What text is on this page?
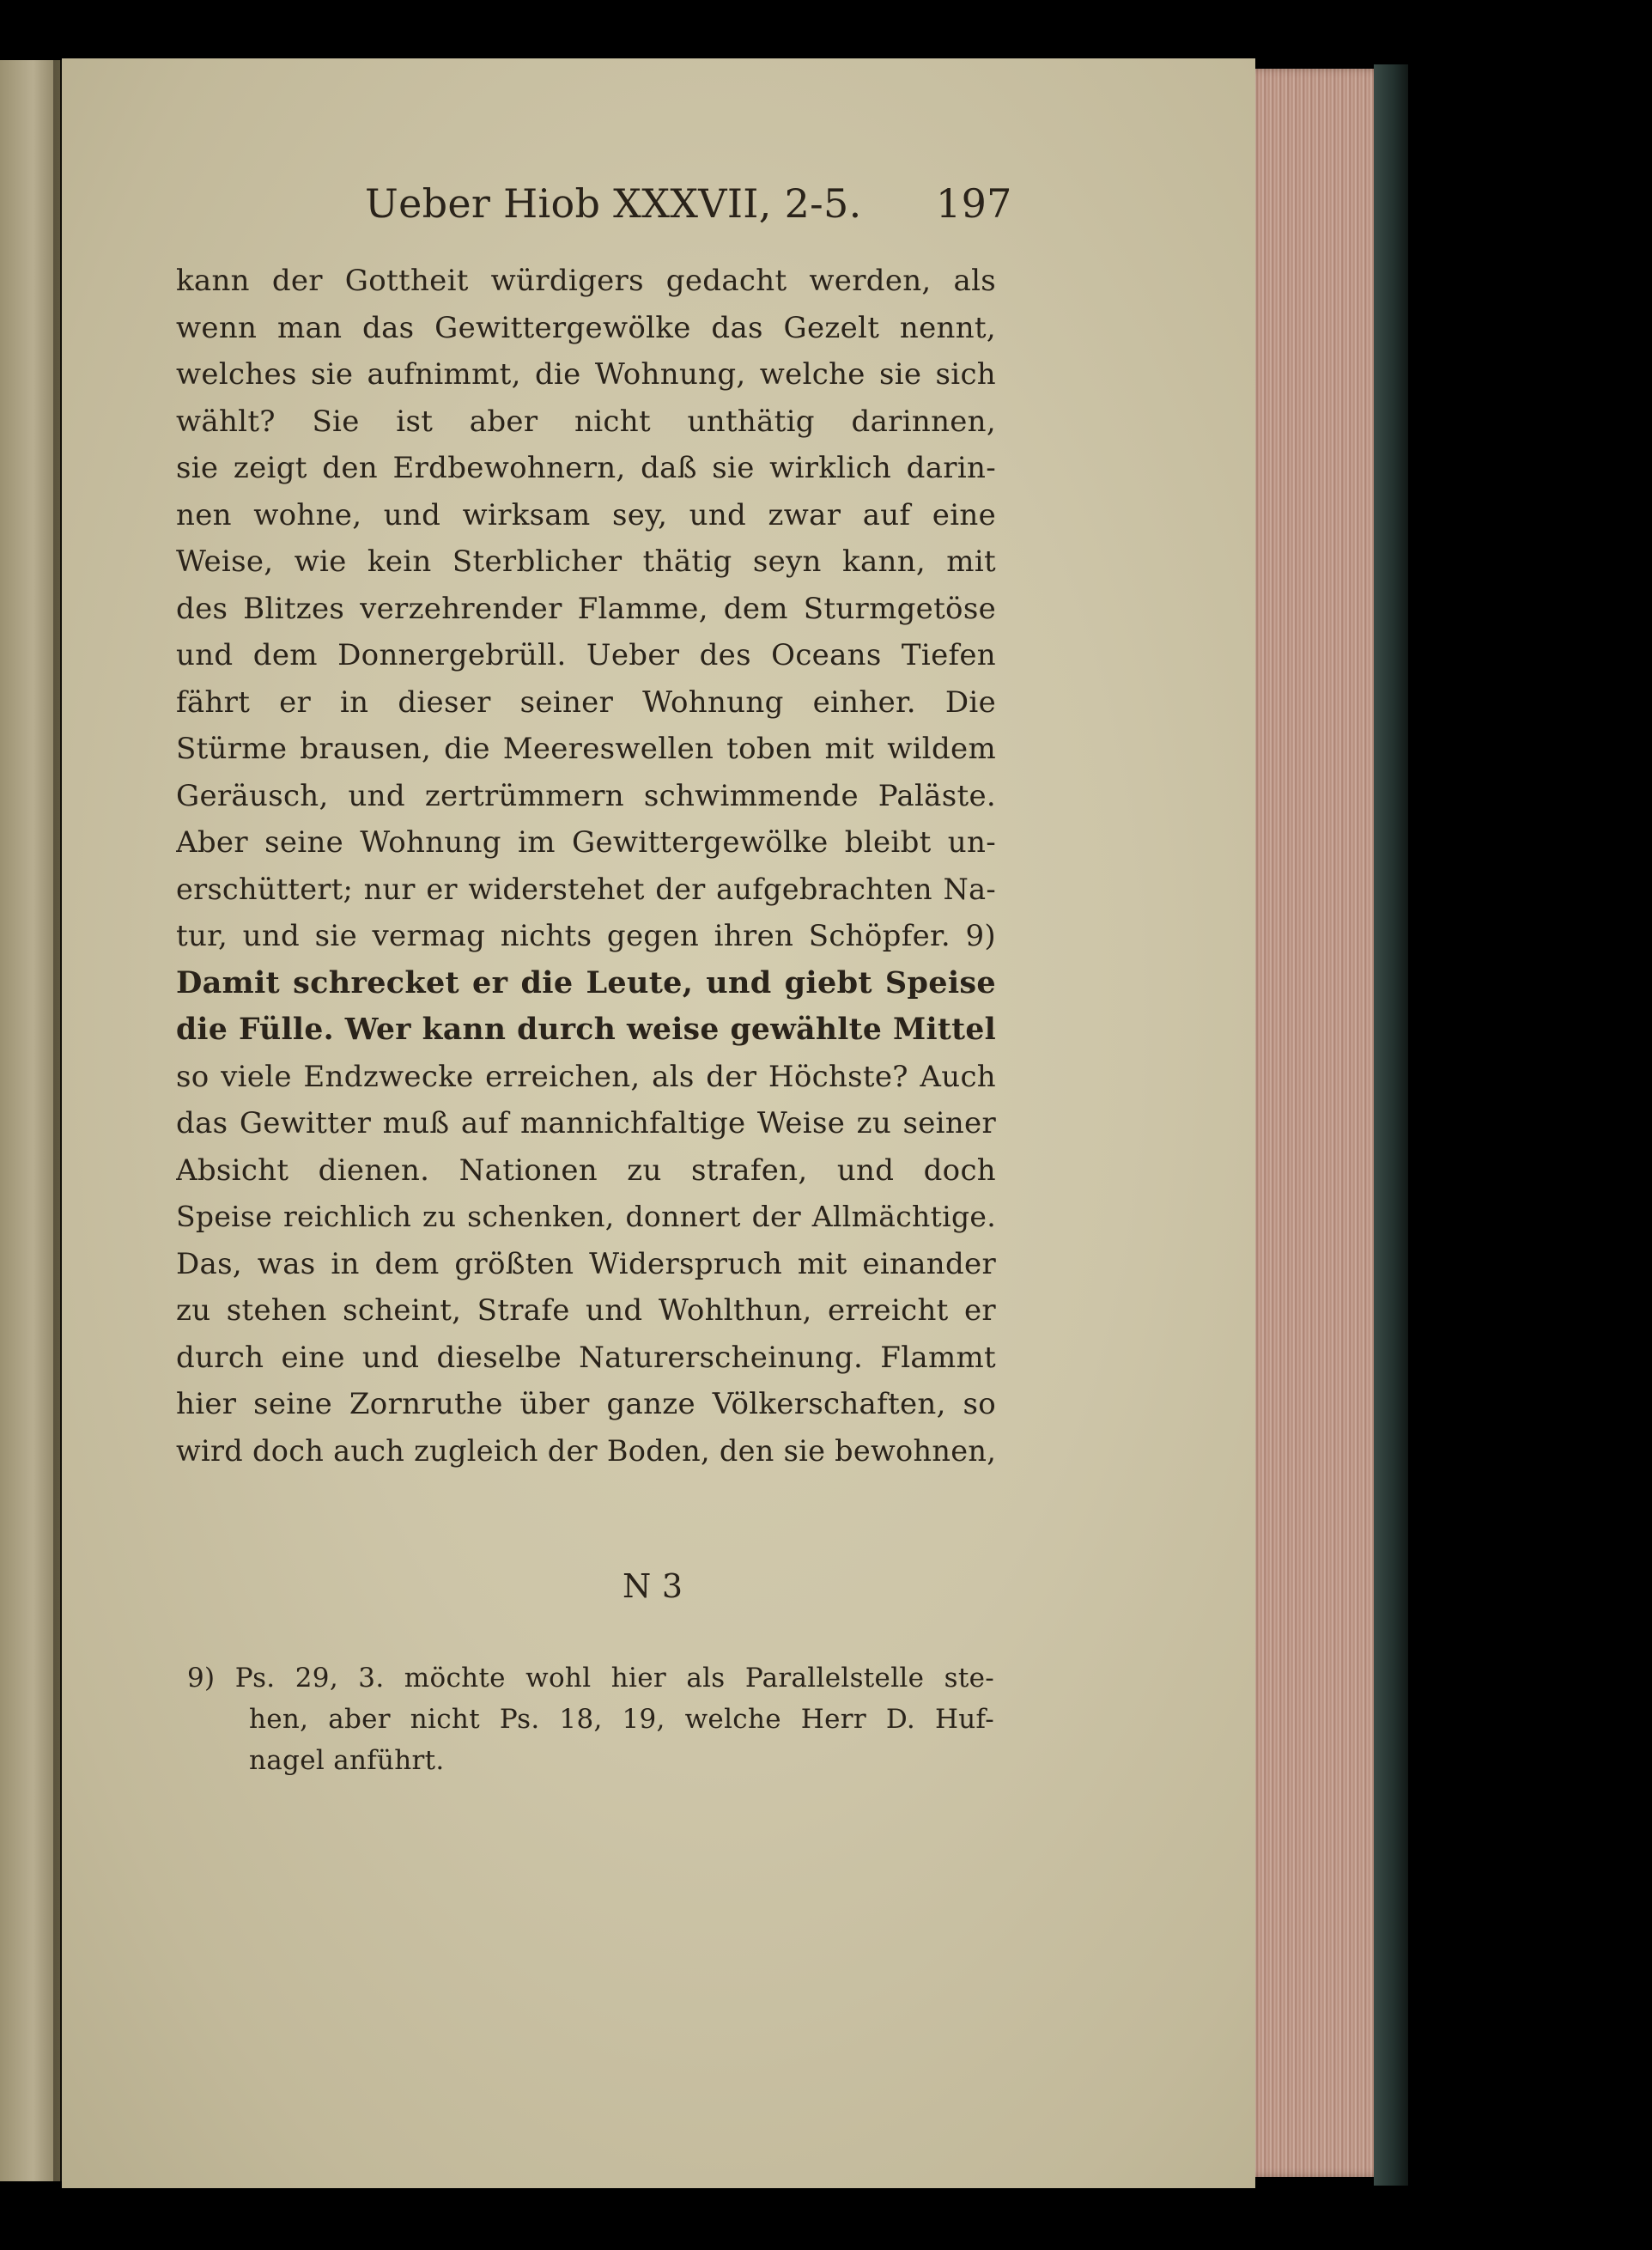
Ueber Hiob XXXVII, 2-5. 197
kann der Gottheit würdigers gedacht werden, als
wenn man das Gewittergewölke das Gezelt nennt,
welches sie aufnimmt, die Wohnung, welche sie sich
wählt? Sie ist aber nicht unthätig darinnen,
sie zeigt den Erdbewohnern, daß sie wirklich darin-
nen wohne, und wirksam sey, und zwar auf eine
Weise, wie kein Sterblicher thätig seyn kann, mit
des Blitzes verzehrender Flamme, dem Sturmgetöse
und dem Donnergebrüll. Ueber des Oceans Tiefen
fährt er in dieser seiner Wohnung einher. Die
Stürme brausen, die Meereswellen toben mit wildem
Geräusch, und zertrümmern schwimmende Paläste.
Aber seine Wohnung im Gewittergewölke bleibt un-
erschüttert; nur er widerstehet der aufgebrachten Na-
tur, und sie vermag nichts gegen ihren Schöpfer. 9)
Damit schrecket er die Leute, und giebt Speise
die Fülle. Wer kann durch weise gewählte Mittel
so viele Endzwecke erreichen, als der Höchste? Auch
das Gewitter muß auf mannichfaltige Weise zu seiner
Absicht dienen. Nationen zu strafen, und doch
Speise reichlich zu schenken, donnert der Allmächtige.
Das, was in dem größten Widerspruch mit einander
zu stehen scheint, Strafe und Wohlthun, erreicht er
durch eine und dieselbe Naturerscheinung. Flammt
hier seine Zornruthe über ganze Völkerschaften, so
wird doch auch zugleich der Boden, den sie bewohnen,
N 3
9) Ps. 29, 3. möchte wohl hier als Parallelstelle ste-
hen, aber nicht Ps. 18, 19, welche Herr D. Huf-
nagel anführt.
